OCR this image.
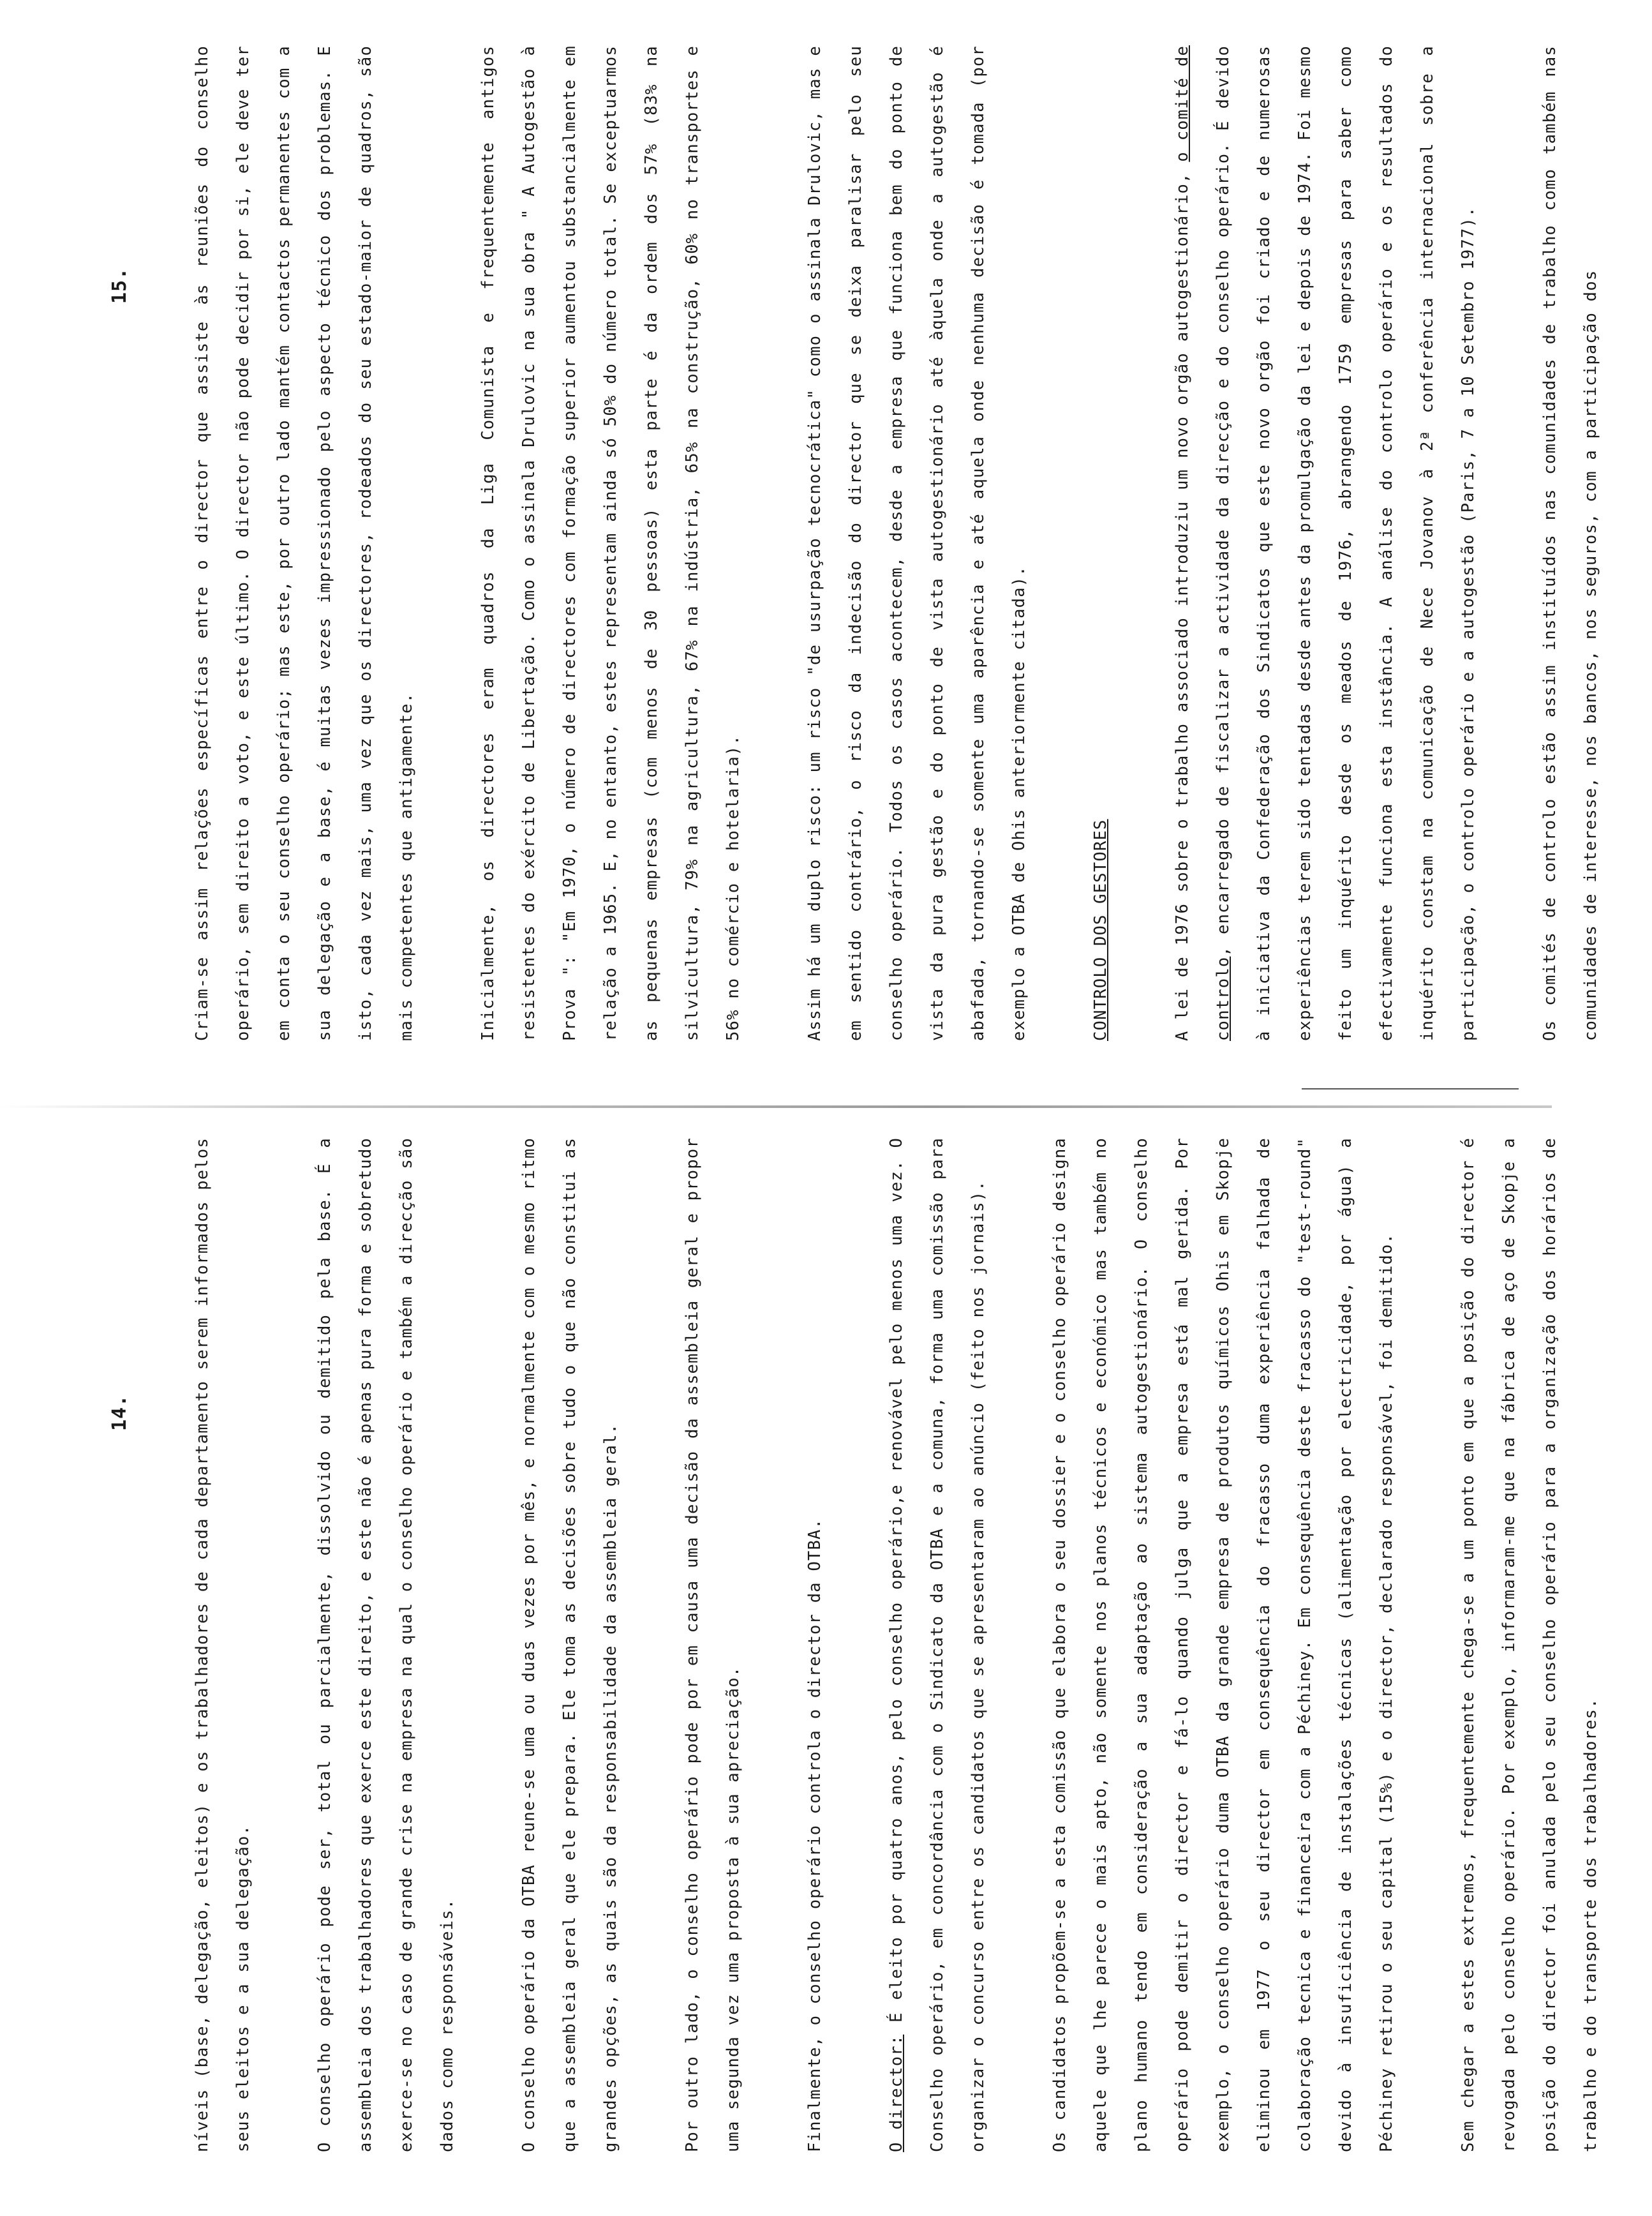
14.	níveis (base, delegação, eleitos) e os trabalhadores de cada departamento serem informados pelos seus eleitos e a sua delegação.	O conselho operário pode ser, total ou parcialmente, dissolvido ou demitido pela base. É a assembleia dos trabalhadores que exerce este direito, e este não é apenas pura forma e sobretudo exerce-se no caso de grande crise na empresa na qual o conselho operário e também a direcção são dados como responsáveis.	O conselho operário da OTBA reune-se uma ou duas vezes por mês, e normalmente com o mesmo ritmo que a assembleia geral que ele prepara. Ele toma as decisões sobre tudo o que não constitui as grandes opções, as quais são da responsabilidade da assembleia geral.	Por outro lado, o conselho operário pode por em causa uma decisão da assembleia geral e propor uma segunda vez uma proposta à sua apreciação.	Finalmente, o conselho operário controla o director da OTBA.	O director: É eleito por quatro anos, pelo conselho operário,e renovável pelo menos uma vez. O Conselho operário, em concordância com o Sindicato da OTBA e a comuna, forma uma comissão para organizar o concurso entre os candidatos que se apresentaram ao anúncio (feito nos jornais).	Os candidatos propõem-se a esta comissão que elabora o seu dossier e o conselho operário designa aquele que lhe parece o mais apto, não somente nos planos técnicos e económico mas também no plano humano tendo em consideração a sua adaptação ao sistema autogestionário. O conselho operário pode demitir o director e fá-lo quando julga que a empresa está mal gerida. Por exemplo, o conselho operário duma OTBA da grande empresa de produtos químicos Ohis em Skopje eliminou em 1977 o seu director em consequência do fracasso duma experiência falhada de colaboração tecnica e financeira com a Péchiney. Em consequência deste fracasso do "test-round" devido à insuficiência de instalações técnicas (alimentação por electricidade, por água) a Péchiney retirou o seu capital (15%) e o director, declarado responsável, foi demitido.	Sem chegar a estes extremos, frequentemente chega-se a um ponto em que a posição do director é revogada pelo conselho operário. Por exemplo, informaram-me que na fábrica de aço de Skopje a posição do director foi anulada pelo seu conselho operário para a organização dos horários de trabalho e do transporte dos trabalhadores.

15.	Criam-se assim relações específicas entre o director que assiste às reuniões do conselho operário, sem direito a voto, e este último. O director não pode decidir por si, ele deve ter em conta o seu conselho operário; mas este, por outro lado mantém contactos permanentes com a sua delegação e a base, é muitas vezes impressionado pelo aspecto técnico dos problemas. E isto, cada vez mais, uma vez que os directores, rodeados do seu estado-maior de quadros, são mais competentes que antigamente.	Inicialmente, os directores eram quadros da Liga Comunista e frequentemente antigos resistentes do exército de Libertação. Como o assinala Drulovic na sua obra " A Autogestão à Prova ": "Em 1970, o número de directores com formação superior aumentou substancialmente em relação a 1965. E, no entanto, estes representam ainda só 50% do número total. Se exceptuarmos as pequenas empresas (com menos de 30 pessoas) esta parte é da ordem dos 57% (83% na silvicultura, 79% na agricultura, 67% na indústria, 65% na construção, 60% no transportes e 56% no comércio e hotelaria).	Assim há um duplo risco: um risco "de usurpação tecnocrática" como o assinala Drulovic, mas e em sentido contrário, o risco da indecisão do director que se deixa paralisar pelo seu conselho operário. Todos os casos acontecem, desde a empresa que funciona bem do ponto de vista da pura gestão e do ponto de vista autogestionário até àquela onde a autogestão é abafada, tornando-se somente uma aparência e até aquela onde nenhuma decisão é tomada (por exemplo a OTBA de Ohis anteriormente citada).	CONTROLO DOS GESTORES	A lei de 1976 sobre o trabalho associado introduziu um novo orgão autogestionário, o comité de controlo, encarregado de fiscalizar a actividade da direcção e do conselho operário. É devido à iniciativa da Confederação dos Sindicatos que este novo orgão foi criado e de numerosas experiências terem sido tentadas desde antes da promulgação da lei e depois de 1974. Foi mesmo feito um inquérito desde os meados de 1976, abrangendo 1759 empresas para saber como efectivamente funciona esta instância. A análise do controlo operário e os resultados do inquérito constam na comunicação de Nece Jovanov à 2ª conferência internacional sobre a participação, o controlo operário e a autogestão (Paris, 7 a 10 Setembro 1977).	Os comités de controlo estão assim instituídos nas comunidades de trabalho como também nas comunidades de interesse, nos bancos, nos seguros, com a participação dos
